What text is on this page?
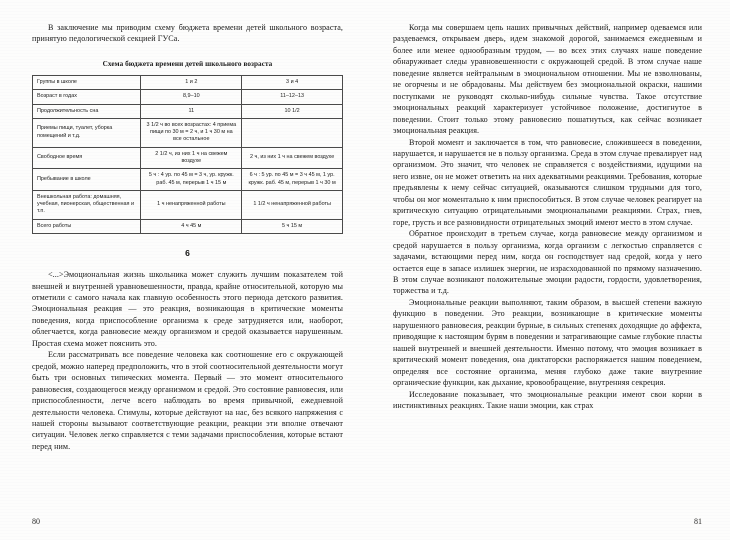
В заключение мы приводим схему бюджета времени детей школьного возраста, принятую педологической секцией ГУСа.

Схема бюджета времени детей школьного возраста
Группы в школе	1 и 2	3 и 4
Возраст в годах	8,9–10	11–12–13
Продолжительность сна	11	10 1/2
Приемы пищи, туалет, уборка помещений и т.д.	3 1/2 ч во всех возрастах: 4 приема пищи по 30 м = 2 ч, и 1 ч 30 м на все остальное	
Свободное время	2 1/2 ч, из них 1 ч на свежем воздухе	2 ч, из них 1 ч на свежем воздухе
Пребывание в школе	5 ч : 4 ур. по 45 м = 3 ч, ур. кружк. раб. 45 м, перерыв 1 ч 15 м	6 ч : 5 ур. по 45 м = 3 ч 45 м, 1 ур. кружк. раб. 45 м, перерыв 1 ч 30 м
Внешкольная работа: домашняя, учебная, пионерская, общественная и т.п.	1 ч ненапряженной работы	1 1/2 ч ненапряженной работы
Всего работы	4 ч 45 м	5 ч 15 м
6

<...>Эмоциональная жизнь школьника может служить лучшим показателем той внешней и внутренней уравновешенности, правда, крайне относительной, которую мы отметили с самого начала как главную особенность этого периода детского развития. Эмоциональная реакция — это реакция, возникающая в критические моменты поведения, когда приспособление организма к среде затрудняется или, наоборот, облегчается, когда равновесие между организмом и средой оказывается нарушенным. Простая схема может пояснить это.

Если рассматривать все поведение человека как соотношение его с окружающей средой, можно наперед предположить, что в этой соотносительной деятельности могут быть три основных типических момента. Первый — это момент относительного равновесия, создающегося между организмом и средой. Это состояние равновесия, или приспособленности, легче всего наблюдать во время привычной, ежедневной деятельности человека. Стимулы, которые действуют на нас, без всякого напряжения с нашей стороны вызывают соответствующие реакции, реакции эти вполне отвечают ситуации. Человек легко справляется с теми задачами приспособления, которые встают перед ним.

80

Когда мы совершаем цепь наших привычных действий, например одеваемся или раздеваемся, открываем дверь, идем знакомой дорогой, занимаемся ежедневным и более или менее однообразным трудом, — во всех этих случаях наше поведение обнаруживает следы уравновешенности с окружающей средой. В этом случае наше поведение является нейтральным в эмоциональном отношении. Мы не взволнованы, не огорчены и не обрадованы. Мы действуем без эмоциональной окраски, нашими поступками не руководят сколько-нибудь сильные чувства. Такое отсутствие эмоциональных реакций характеризует устойчивое положение, достигнутое в поведении. Стоит только этому равновесию пошатнуться, как сейчас возникает эмоциональная реакция.

Второй момент и заключается в том, что равновесие, сложившееся в поведении, нарушается, и нарушается не в пользу организма. Среда в этом случае превалирует над организмом. Это значит, что человек не справляется с воздействиями, идущими на него извне, он не может ответить на них адекватными реакциями. Требования, которые предъявлены к нему сейчас ситуацией, оказываются слишком трудными для того, чтобы он мог моментально к ним приспособиться. В этом случае человек реагирует на критическую ситуацию отрицательными эмоциональными реакциями. Страх, гнев, горе, грусть и все разновидности отрицательных эмоций имеют место в этом случае.

Обратное происходит в третьем случае, когда равновесие между организмом и средой нарушается в пользу организма, когда организм с легкостью справляется с задачами, встающими перед ним, когда он господствует над средой, когда у него остается еще в запасе излишек энергии, не израсходованной по прямому назначению. В этом случае возникают положительные эмоции радости, гордости, удовлетворения, торжества и т.д.

Эмоциональные реакции выполняют, таким образом, в высшей степени важную функцию в поведении. Это реакции, возникающие в критические моменты нарушенного равновесия, реакции бурные, в сильных степенях доходящие до аффекта, приводящие к настоящим бурям в поведении и затрагивающие самые глубокие пласты нашей внутренней и внешней деятельности. Именно потому, что эмоция возникает в критический момент поведения, она диктаторски распоряжается нашим поведением, определяя все состояние организма, меняя глубоко даже такие внутренние органические функции, как дыхание, кровообращение, внутренняя секреция.

Исследование показывает, что эмоциональные реакции имеют свои корни в инстинктивных реакциях. Такие наши эмоции, как страх

81
